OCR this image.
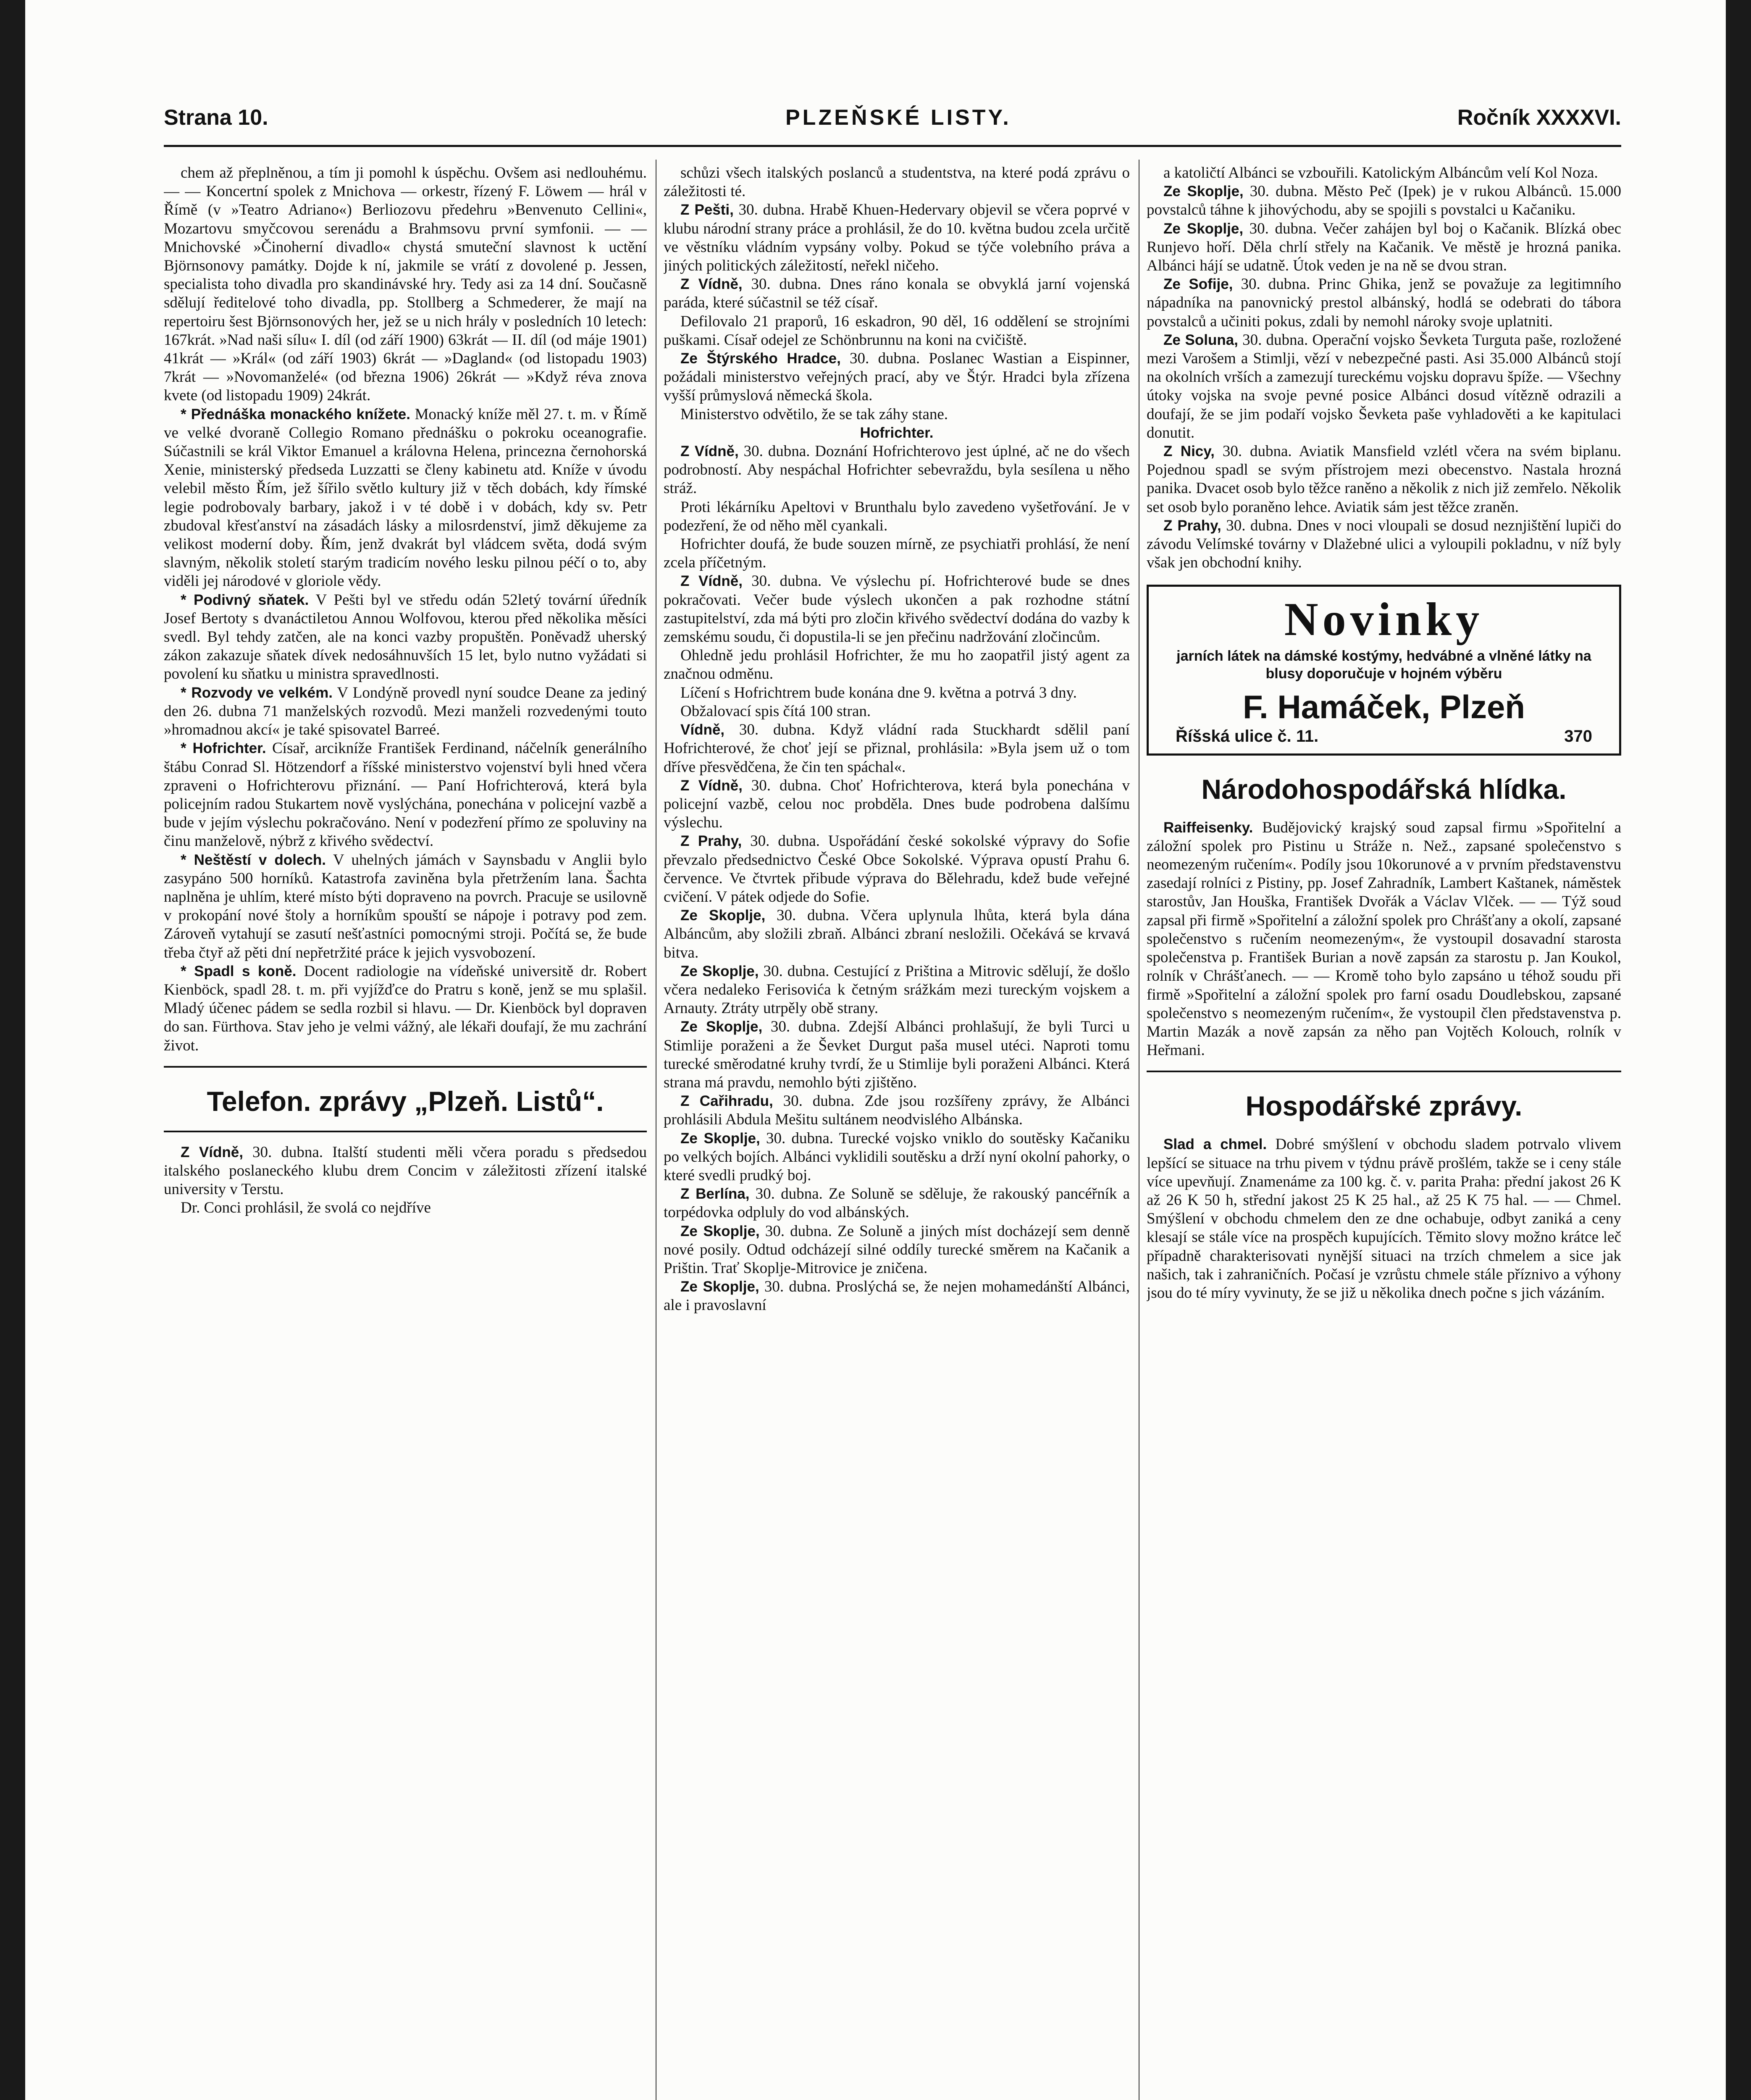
Strana 10.	PLZEŇSKÉ LISTY.	Ročník XXXXVI.

chem až přeplněnou, a tím ji pomohl k úspěchu. Ovšem asi nedlouhému. — — Koncertní spolek z Mnichova — orkestr, řízený F. Löwem — hrál v Římě (v »Teatro Adriano«) Berliozovu předehru »Benvenuto Cellini«, Mozartovu smyčcovou serenádu a Brahmsovu první symfonii. — — Mnichovské »Činoherní divadlo« chystá smuteční slavnost k uctění Björnsonovy památky. Dojde k ní, jakmile se vrátí z dovolené p. Jessen, specialista toho divadla pro skandinávské hry. Tedy asi za 14 dní. Současně sdělují ředitelové toho divadla, pp. Stollberg a Schmederer, že mají na repertoiru šest Björnsonových her, jež se u nich hrály v posledních 10 letech: 167krát. »Nad naši sílu« I. díl (od září 1900) 63krát — II. díl (od máje 1901) 41krát — »Král« (od září 1903) 6krát — »Dagland« (od listopadu 1903) 7krát — »Novomanželé« (od března 1906) 26krát — »Když réva znova kvete (od listopadu 1909) 24krát.

* Přednáška monackého knížete. Monacký kníže měl 27. t. m. v Římě ve velké dvoraně Collegio Romano přednášku o pokroku oceanografie. Súčastnili se král Viktor Emanuel a královna Helena, princezna černohorská Xenie, ministerský předseda Luzzatti se členy kabinetu atd. Kníže v úvodu velebil město Řím, jež šířilo světlo kultury již v těch dobách, kdy římské legie podrobovaly barbary, jakož i v té době i v dobách, kdy sv. Petr zbudoval křesťanství na zásadách lásky a milosrdenství, jimž děkujeme za velikost moderní doby. Řím, jenž dvakrát byl vládcem světa, dodá svým slavným, několik století starým tradicím nového lesku pilnou péčí o to, aby viděli jej národové v gloriole vědy.

* Podivný sňatek. V Pešti byl ve středu odán 52letý tovární úředník Josef Bertoty s dvanáctiletou Annou Wolfovou, kterou před několika měsíci svedl. Byl tehdy zatčen, ale na konci vazby propuštěn. Poněvadž uherský zákon zakazuje sňatek dívek nedosáhnuvších 15 let, bylo nutno vyžádati si povolení ku sňatku u ministra spravedlnosti.

* Rozvody ve velkém. V Londýně provedl nyní soudce Deane za jediný den 26. dubna 71 manželských rozvodů. Mezi manželi rozvedenými touto »hromadnou akcí« je také spisovatel Barreé.

* Hofrichter. Císař, arcikníže František Ferdinand, náčelník generálního štábu Conrad Sl. Hötzendorf a říšské ministerstvo vojenství byli hned včera zpraveni o Hofrichterovu přiznání. — Paní Hofrichterová, která byla policejním radou Stukartem nově vyslýchána, ponechána v policejní vazbě a bude v jejím výslechu pokračováno. Není v podezření přímo ze spoluviny na činu manželově, nýbrž z křivého svědectví.

* Neštěstí v dolech. V uhelných jámách v Saynsbadu v Anglii bylo zasypáno 500 horníků. Katastrofa zaviněna byla přetržením lana. Šachta naplněna je uhlím, které místo býti dopraveno na povrch. Pracuje se usilovně v prokopání nové štoly a horníkům spouští se nápoje i potravy pod zem. Zároveň vytahují se zasutí nešťastníci pomocnými stroji. Počítá se, že bude třeba čtyř až pěti dní nepřetržité práce k jejich vysvobození.

* Spadl s koně. Docent radiologie na vídeňské universitě dr. Robert Kienböck, spadl 28. t. m. při vyjížďce do Pratru s koně, jenž se mu splašil. Mladý účenec pádem se sedla rozbil si hlavu. — Dr. Kienböck byl dopraven do san. Fürthova. Stav jeho je velmi vážný, ale lékaři doufají, že mu zachrání život.

Telefon. zprávy „Plzeň. Listů“.

Z Vídně, 30. dubna. Italští studenti měli včera poradu s předsedou italského poslaneckého klubu drem Concim v záležitosti zřízení italské university v Terstu.

Dr. Conci prohlásil, že svolá co nejdříve

schůzi všech italských poslanců a studentstva, na které podá zprávu o záležitosti té.

Z Pešti, 30. dubna. Hrabě Khuen-Hedervary objevil se včera poprvé v klubu národní strany práce a prohlásil, že do 10. května budou zcela určitě ve věstníku vládním vypsány volby. Pokud se týče volebního práva a jiných politických záležitostí, neřekl ničeho.

Z Vídně, 30. dubna. Dnes ráno konala se obvyklá jarní vojenská paráda, které súčastnil se též císař.

Defilovalo 21 praporů, 16 eskadron, 90 děl, 16 oddělení se strojními puškami. Císař odejel ze Schönbrunnu na koni na cvičiště.

Ze Štýrského Hradce, 30. dubna. Poslanec Wastian a Eispinner, požádali ministerstvo veřejných prací, aby ve Štýr. Hradci byla zřízena vyšší průmyslová německá škola.

Ministerstvo odvětilo, že se tak záhy stane.

Hofrichter.

Z Vídně, 30. dubna. Doznání Hofrichterovo jest úplné, ač ne do všech podrobností. Aby nespáchal Hofrichter sebevraždu, byla sesílena u něho stráž.

Proti lékárníku Apeltovi v Brunthalu bylo zavedeno vyšetřování. Je v podezření, že od něho měl cyankali.

Hofrichter doufá, že bude souzen mírně, ze psychiatři prohlásí, že není zcela příčetným.

Z Vídně, 30. dubna. Ve výslechu pí. Hofrichterové bude se dnes pokračovati. Večer bude výslech ukončen a pak rozhodne státní zastupitelství, zda má býti pro zločin křivého svědectví dodána do vazby k zemskému soudu, či dopustila-li se jen přečinu nadržování zločincům.

Ohledně jedu prohlásil Hofrichter, že mu ho zaopatřil jistý agent za značnou odměnu.

Líčení s Hofrichtrem bude konána dne 9. května a potrvá 3 dny.

Obžalovací spis čítá 100 stran.

Vídně, 30. dubna. Když vládní rada Stuckhardt sdělil paní Hofrichterové, že choť její se přiznal, prohlásila: »Byla jsem už o tom dříve přesvědčena, že čin ten spáchal«.

Z Vídně, 30. dubna. Choť Hofrichterova, která byla ponechána v policejní vazbě, celou noc probděla. Dnes bude podrobena dalšímu výslechu.

Z Prahy, 30. dubna. Uspořádání české sokolské výpravy do Sofie převzalo předsednictvo České Obce Sokolské. Výprava opustí Prahu 6. července. Ve čtvrtek přibude výprava do Bělehradu, kdež bude veřejné cvičení. V pátek odjede do Sofie.

Ze Skoplje, 30. dubna. Včera uplynula lhůta, která byla dána Albáncům, aby složili zbraň. Albánci zbraní nesložili. Očekává se krvavá bitva.

Ze Skoplje, 30. dubna. Cestující z Priština a Mitrovic sdělují, že došlo včera nedaleko Ferisovića k četným srážkám mezi tureckým vojskem a Arnauty. Ztráty utrpěly obě strany.

Ze Skoplje, 30. dubna. Zdejší Albánci prohlašují, že byli Turci u Stimlije poraženi a že Ševket Durgut paša musel utéci. Naproti tomu turecké směrodatné kruhy tvrdí, že u Stimlije byli poraženi Albánci. Která strana má pravdu, nemohlo býti zjištěno.

Z Cařihradu, 30. dubna. Zde jsou rozšířeny zprávy, že Albánci prohlásili Abdula Mešitu sultánem neodvislého Albánska.

Ze Skoplje, 30. dubna. Turecké vojsko vniklo do soutěsky Kačaniku po velkých bojích. Albánci vyklidili soutěsku a drží nyní okolní pahorky, o které svedli prudký boj.

Z Berlína, 30. dubna. Ze Soluně se sděluje, že rakouský pancéřník a torpédovka odpluly do vod albánských.

Ze Skoplje, 30. dubna. Ze Soluně a jiných míst docházejí sem denně nové posily. Odtud odcházejí silné oddíly turecké směrem na Kačanik a Prištin. Trať Skoplje-Mitrovice je zničena.

Ze Skoplje, 30. dubna. Proslýchá se, že nejen mohamedánští Albánci, ale i pravoslavní

a katoličtí Albánci se vzbouřili. Katolickým Albáncům velí Kol Noza.

Ze Skoplje, 30. dubna. Město Peč (Ipek) je v rukou Albánců. 15.000 povstalců táhne k jihovýchodu, aby se spojili s povstalci u Kačaniku.

Ze Skoplje, 30. dubna. Večer zahájen byl boj o Kačanik. Blízká obec Runjevo hoří. Děla chrlí střely na Kačanik. Ve městě je hrozná panika. Albánci hájí se udatně. Útok veden je na ně se dvou stran.

Ze Sofije, 30. dubna. Princ Ghika, jenž se považuje za legitimního nápadníka na panovnický prestol albánský, hodlá se odebrati do tábora povstalců a učiniti pokus, zdali by nemohl nároky svoje uplatniti.

Ze Soluna, 30. dubna. Operační vojsko Ševketa Turguta paše, rozložené mezi Varošem a Stimlji, vězí v nebezpečné pasti. Asi 35.000 Albánců stojí na okolních vrších a zamezují tureckému vojsku dopravu špíže. — Všechny útoky vojska na svoje pevné posice Albánci dosud vítězně odrazili a doufají, že se jim podaří vojsko Ševketa paše vyhladověti a ke kapitulaci donutit.

Z Nicy, 30. dubna. Aviatik Mansfield vzlétl včera na svém biplanu. Pojednou spadl se svým přístrojem mezi obecenstvo. Nastala hrozná panika. Dvacet osob bylo těžce raněno a několik z nich již zemřelo. Několik set osob bylo poraněno lehce. Aviatik sám jest těžce zraněn.

Z Prahy, 30. dubna. Dnes v noci vloupali se dosud neznjištění lupiči do závodu Velímské továrny v Dlažebné ulici a vyloupili pokladnu, v níž byly však jen obchodní knihy.

Novinky
jarních látek na dámské kostýmy, hedvábné a vlněné látky na blusy doporučuje v hojném výběru
F. Hamáček, Plzeň
Říšská ulice č. 11.	370
Národohospodářská hlídka.

Raiffeisenky. Budějovický krajský soud zapsal firmu »Spořitelní a záložní spolek pro Pistinu u Stráže n. Než., zapsané společenstvo s neomezeným ručením«. Podíly jsou 10korunové a v prvním představenstvu zasedají rolníci z Pistiny, pp. Josef Zahradník, Lambert Kaštanek, náměstek starostův, Jan Houška, František Dvořák a Václav Vlček. — — Týž soud zapsal při firmě »Spořitelní a záložní spolek pro Chrášťany a okolí, zapsané společenstvo s ručením neomezeným«, že vystoupil dosavadní starosta společenstva p. František Burian a nově zapsán za starostu p. Jan Koukol, rolník v Chrášťanech. — — Kromě toho bylo zapsáno u téhož soudu při firmě »Spořitelní a záložní spolek pro farní osadu Doudlebskou, zapsané společenstvo s neomezeným ručením«, že vystoupil člen představenstva p. Martin Mazák a nově zapsán za něho pan Vojtěch Kolouch, rolník v Heřmani.

Hospodářské zprávy.

Slad a chmel. Dobré smýšlení v obchodu sladem potrvalo vlivem lepšící se situace na trhu pivem v týdnu právě prošlém, takže se i ceny stále více upevňují. Znamenáme za 100 kg. č. v. parita Praha: přední jakost 26 K až 26 K 50 h, střední jakost 25 K 25 hal., až 25 K 75 hal. — — Chmel. Smýšlení v obchodu chmelem den ze dne ochabuje, odbyt zaniká a ceny klesají se stále více na prospěch kupujících. Těmito slovy možno krátce leč případně charakterisovati nynější situaci na trzích chmelem a sice jak našich, tak i zahraničních. Počasí je vzrůstu chmele stále příznivo a výhony jsou do té míry vyvinuty, že se již u několika dnech počne s jich vázáním.
